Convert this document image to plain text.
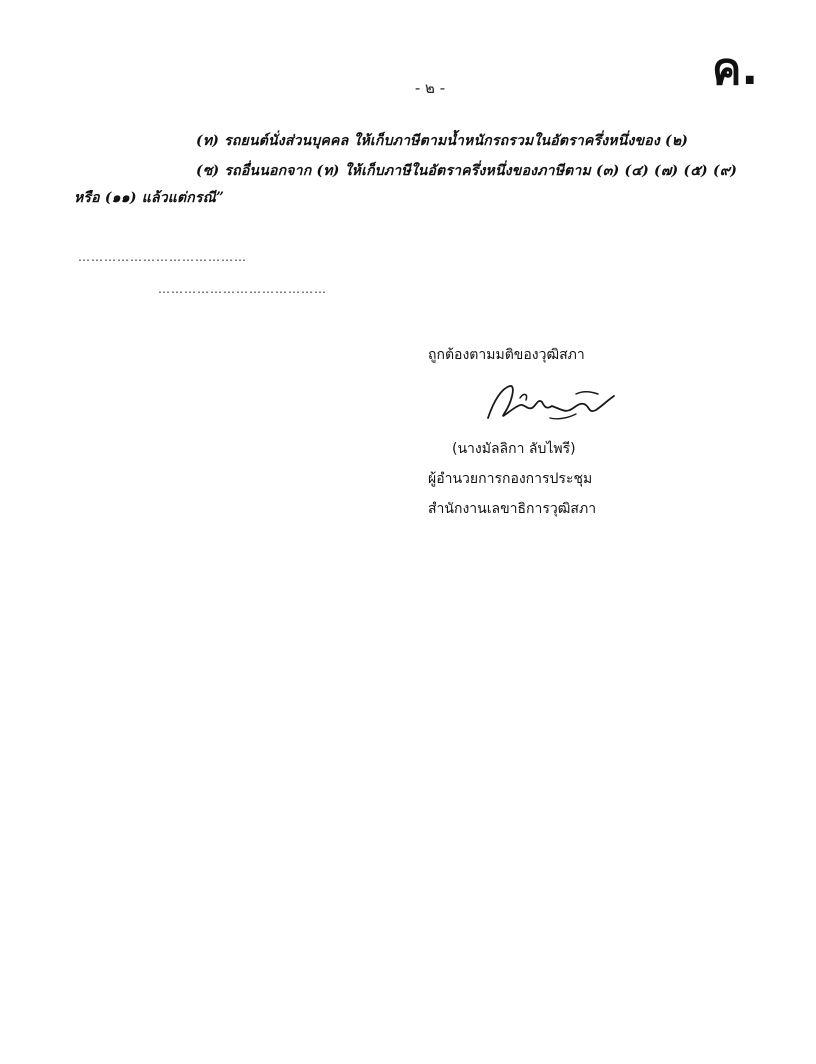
ค.
- ๒ -
(ท) รถยนต์นั่งส่วนบุคคล ให้เก็บภาษีตามน้ำหนักรถรวมในอัตราครึ่งหนึ่งของ (๒)
(ซ) รถอื่นนอกจาก (ท) ให้เก็บภาษีในอัตราครึ่งหนึ่งของภาษีตาม (๓) (๔) (๗) (๕) (๙)
หรือ (๑๑) แล้วแต่กรณี”
…………………………………
…………………………………
ถูกต้องตามมติของวุฒิสภา
(นางมัลลิกา ลับไพรี)
ผู้อำนวยการกองการประชุม
สำนักงานเลขาธิการวุฒิสภา
